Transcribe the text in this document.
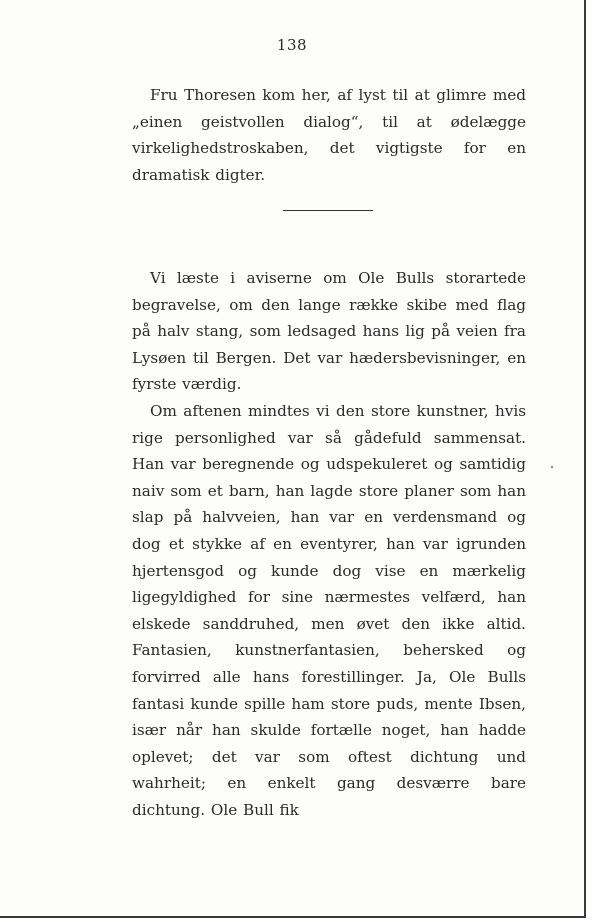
138

Fru Thoresen kom her, af lyst til at glimre med „einen geistvollen dialog“, til at ødelægge virkelighedstroskaben, det vigtigste for en dramatisk digter.

Vi læste i aviserne om Ole Bulls storartede begravelse, om den lange række skibe med flag på halv stang, som ledsaged hans lig på veien fra Lysøen til Bergen. Det var hædersbevisninger, en fyrste værdig.

Om aftenen mindtes vi den store kunstner, hvis rige personlighed var så gådefuld sammensat. Han var beregnende og udspekuleret og samtidig naiv som et barn, han lagde store planer som han slap på halvveien, han var en verdensmand og dog et stykke af en eventyrer, han var igrunden hjertensgod og kunde dog vise en mærkelig ligegyldighed for sine nærmestes velfærd, han elskede sanddruhed, men øvet den ikke altid. Fantasien, kunstnerfantasien, behersked og forvirred alle hans forestillinger. Ja, Ole Bulls fantasi kunde spille ham store puds, mente Ibsen, især når han skulde fortælle noget, han hadde oplevet; det var som oftest dichtung und wahrheit; en enkelt gang desværre bare dichtung. Ole Bull fik
